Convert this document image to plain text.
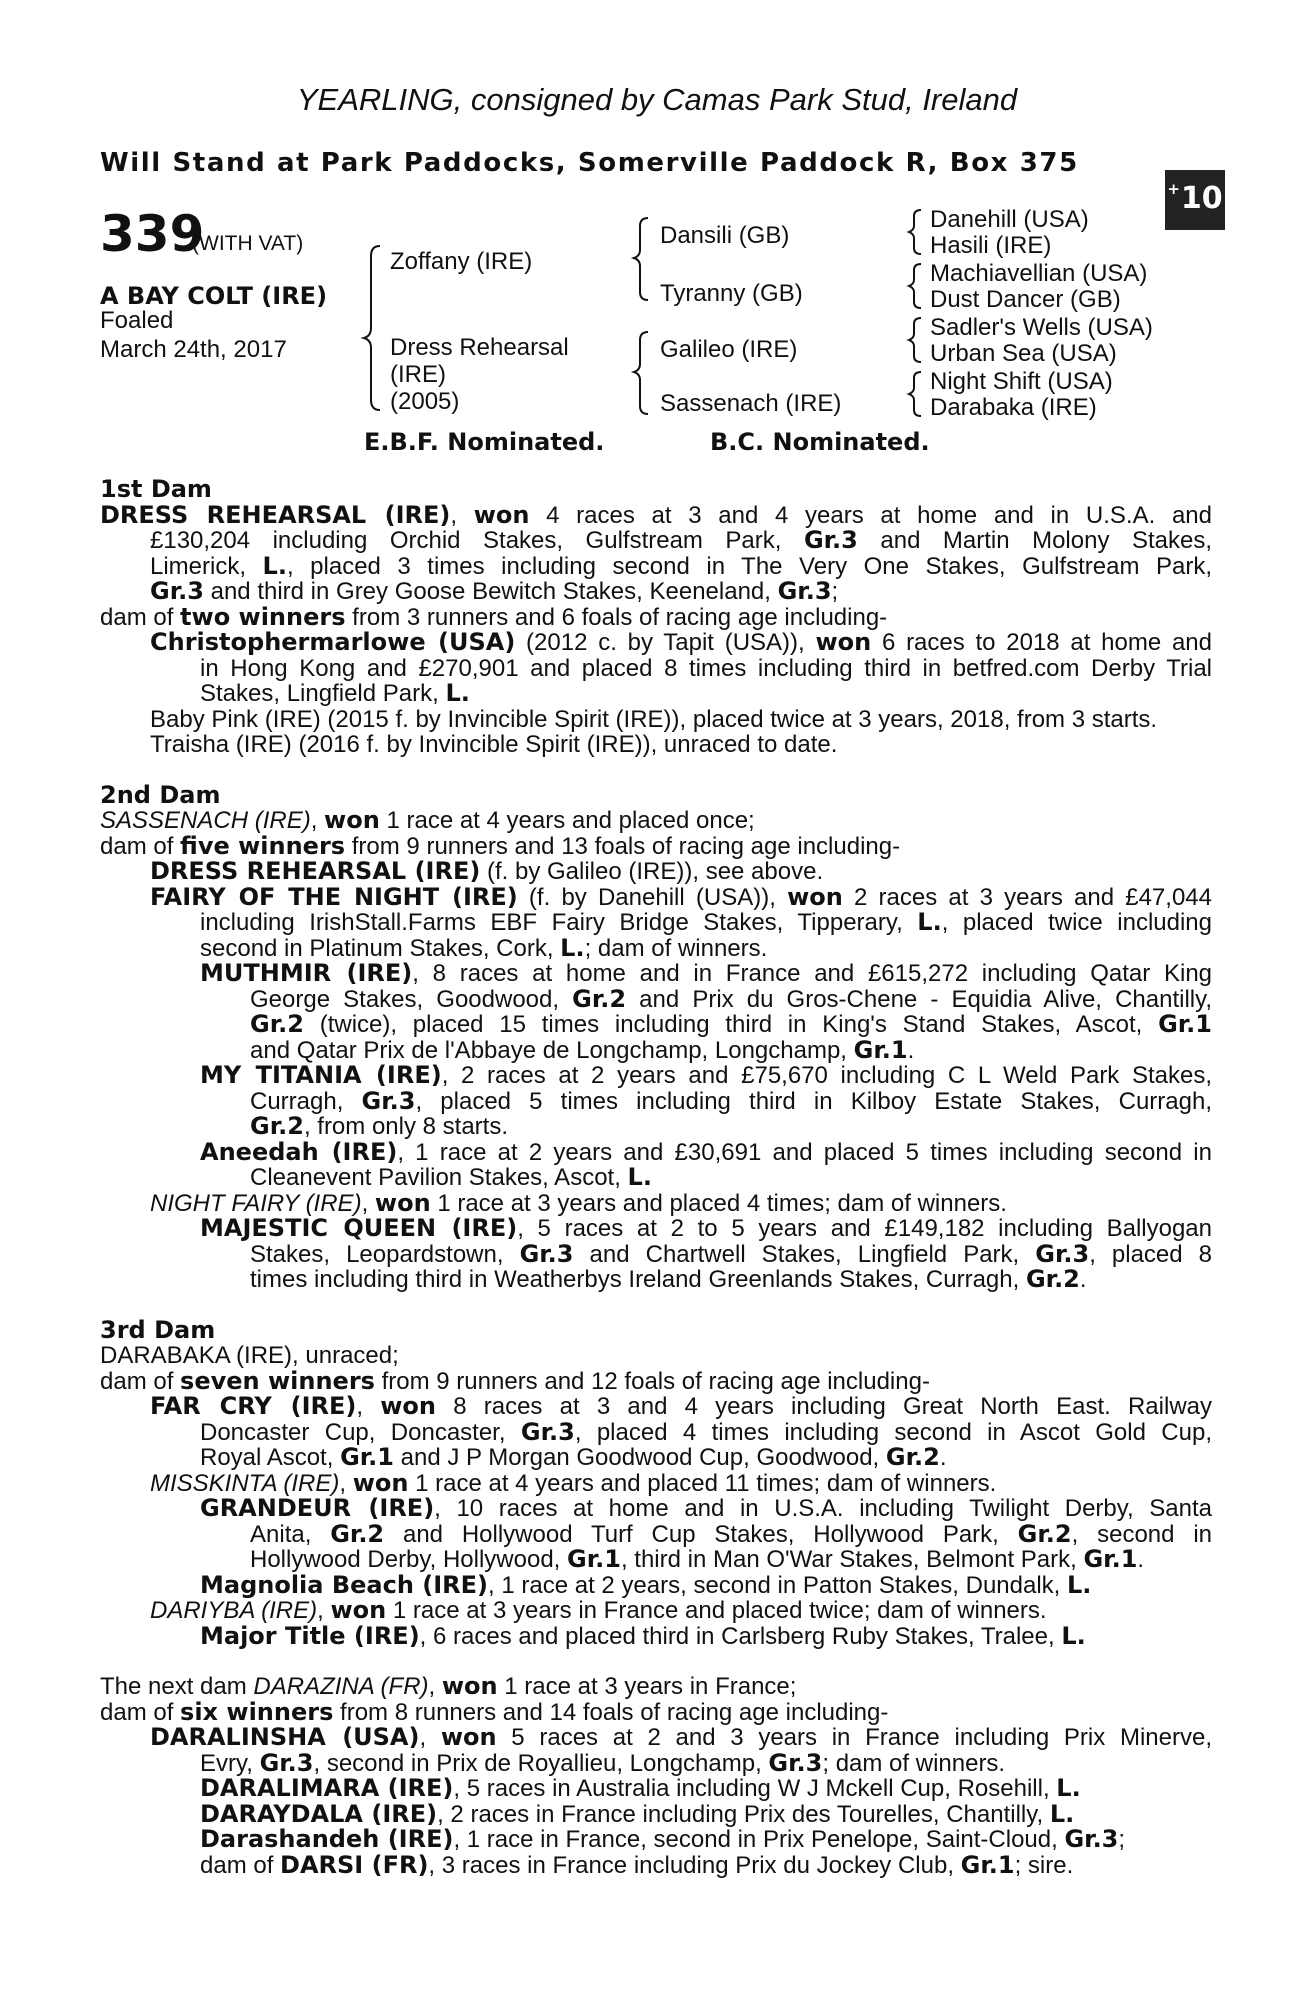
YEARLING, consigned by Camas Park Stud, Ireland
Will Stand at Park Paddocks, Somerville Paddock R, Box 375
+10
339
(WITH VAT)
A BAY COLT (IRE)
Foaled
March 24th, 2017
Zoffany (IRE)
Dress Rehearsal
(IRE)
(2005)
Dansili (GB)
Tyranny (GB)
Galileo (IRE)
Sassenach (IRE)
Danehill (USA)
Hasili (IRE)
Machiavellian (USA)
Dust Dancer (GB)
Sadler's Wells (USA)
Urban Sea (USA)
Night Shift (USA)
Darabaka (IRE)
E.B.F. Nominated.	B.C. Nominated.
1st Dam
DRESS REHEARSAL (IRE), won 4 races at 3 and 4 years at home and in U.S.A. and
£130,204 including Orchid Stakes, Gulfstream Park, Gr.3 and Martin Molony Stakes,
Limerick, L., placed 3 times including second in The Very One Stakes, Gulfstream Park,
Gr.3 and third in Grey Goose Bewitch Stakes, Keeneland, Gr.3;
dam of two winners from 3 runners and 6 foals of racing age including-
Christophermarlowe (USA) (2012 c. by Tapit (USA)), won 6 races to 2018 at home and
in Hong Kong and £270,901 and placed 8 times including third in betfred.com Derby Trial
Stakes, Lingfield Park, L.
Baby Pink (IRE) (2015 f. by Invincible Spirit (IRE)), placed twice at 3 years, 2018, from 3 starts.
Traisha (IRE) (2016 f. by Invincible Spirit (IRE)), unraced to date.
2nd Dam
SASSENACH (IRE), won 1 race at 4 years and placed once;
dam of five winners from 9 runners and 13 foals of racing age including-
DRESS REHEARSAL (IRE) (f. by Galileo (IRE)), see above.
FAIRY OF THE NIGHT (IRE) (f. by Danehill (USA)), won 2 races at 3 years and £47,044
including IrishStall.Farms EBF Fairy Bridge Stakes, Tipperary, L., placed twice including
second in Platinum Stakes, Cork, L.; dam of winners.
MUTHMIR (IRE), 8 races at home and in France and £615,272 including Qatar King
George Stakes, Goodwood, Gr.2 and Prix du Gros-Chene - Equidia Alive, Chantilly,
Gr.2 (twice), placed 15 times including third in King's Stand Stakes, Ascot, Gr.1
and Qatar Prix de l'Abbaye de Longchamp, Longchamp, Gr.1.
MY TITANIA (IRE), 2 races at 2 years and £75,670 including C L Weld Park Stakes,
Curragh, Gr.3, placed 5 times including third in Kilboy Estate Stakes, Curragh,
Gr.2, from only 8 starts.
Aneedah (IRE), 1 race at 2 years and £30,691 and placed 5 times including second in
Cleanevent Pavilion Stakes, Ascot, L.
NIGHT FAIRY (IRE), won 1 race at 3 years and placed 4 times; dam of winners.
MAJESTIC QUEEN (IRE), 5 races at 2 to 5 years and £149,182 including Ballyogan
Stakes, Leopardstown, Gr.3 and Chartwell Stakes, Lingfield Park, Gr.3, placed 8
times including third in Weatherbys Ireland Greenlands Stakes, Curragh, Gr.2.
3rd Dam
DARABAKA (IRE), unraced;
dam of seven winners from 9 runners and 12 foals of racing age including-
FAR CRY (IRE), won 8 races at 3 and 4 years including Great North East. Railway
Doncaster Cup, Doncaster, Gr.3, placed 4 times including second in Ascot Gold Cup,
Royal Ascot, Gr.1 and J P Morgan Goodwood Cup, Goodwood, Gr.2.
MISSKINTA (IRE), won 1 race at 4 years and placed 11 times; dam of winners.
GRANDEUR (IRE), 10 races at home and in U.S.A. including Twilight Derby, Santa
Anita, Gr.2 and Hollywood Turf Cup Stakes, Hollywood Park, Gr.2, second in
Hollywood Derby, Hollywood, Gr.1, third in Man O'War Stakes, Belmont Park, Gr.1.
Magnolia Beach (IRE), 1 race at 2 years, second in Patton Stakes, Dundalk, L.
DARIYBA (IRE), won 1 race at 3 years in France and placed twice; dam of winners.
Major Title (IRE), 6 races and placed third in Carlsberg Ruby Stakes, Tralee, L.
The next dam DARAZINA (FR), won 1 race at 3 years in France;
dam of six winners from 8 runners and 14 foals of racing age including-
DARALINSHA (USA), won 5 races at 2 and 3 years in France including Prix Minerve,
Evry, Gr.3, second in Prix de Royallieu, Longchamp, Gr.3; dam of winners.
DARALIMARA (IRE), 5 races in Australia including W J Mckell Cup, Rosehill, L.
DARAYDALA (IRE), 2 races in France including Prix des Tourelles, Chantilly, L.
Darashandeh (IRE), 1 race in France, second in Prix Penelope, Saint-Cloud, Gr.3;
dam of DARSI (FR), 3 races in France including Prix du Jockey Club, Gr.1; sire.
